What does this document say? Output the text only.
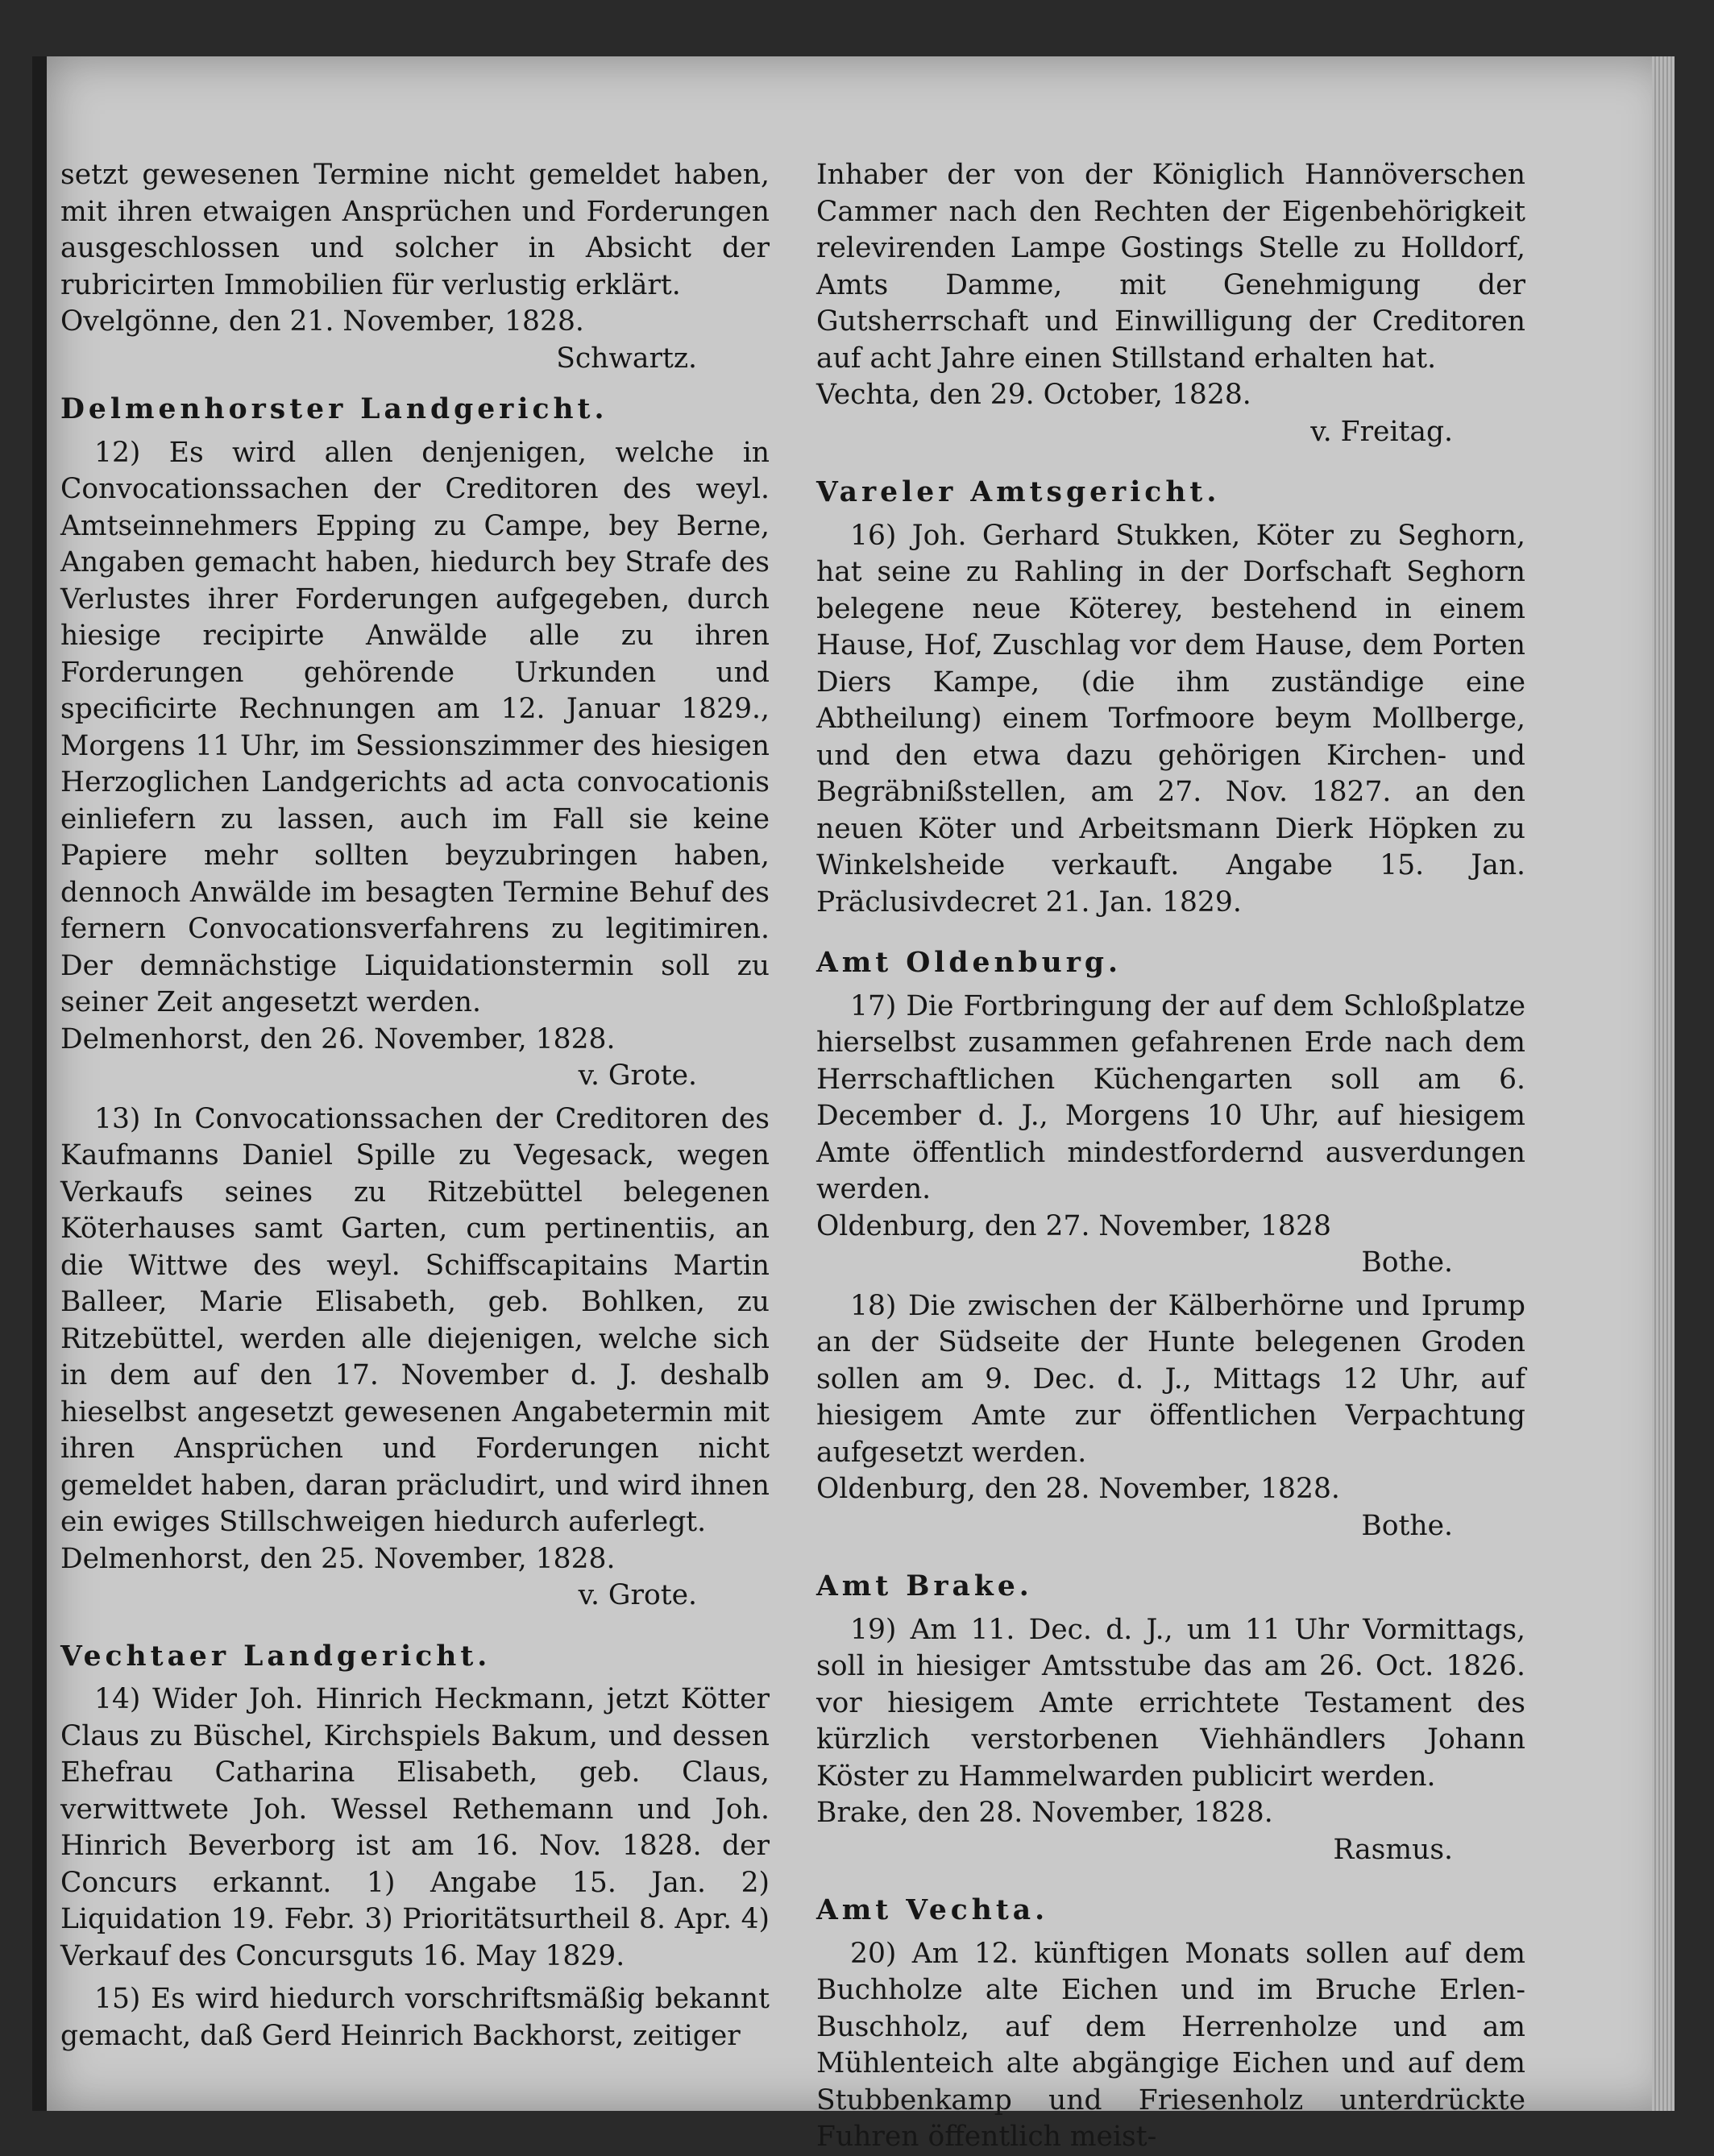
setzt gewesenen Termine nicht gemeldet haben, mit ihren etwaigen Ansprüchen und Forderungen ausgeschlossen und solcher in Absicht der rubricirten Immobilien für verlustig erklärt.

Ovelgönne, den 21. November, 1828.

Schwartz.

Delmenhorster Landgericht.

12) Es wird allen denjenigen, welche in Convocationssachen der Creditoren des weyl. Amtseinnehmers Epping zu Campe, bey Berne, Angaben gemacht haben, hiedurch bey Strafe des Verlustes ihrer Forderungen aufgegeben, durch hiesige recipirte Anwälde alle zu ihren Forderungen gehörende Urkunden und specificirte Rechnungen am 12. Januar 1829., Morgens 11 Uhr, im Sessionszimmer des hiesigen Herzoglichen Landgerichts ad acta convocationis einliefern zu lassen, auch im Fall sie keine Papiere mehr sollten beyzubringen haben, dennoch Anwälde im besagten Termine Behuf des fernern Convocationsverfahrens zu legitimiren. Der demnächstige Liquidationstermin soll zu seiner Zeit angesetzt werden.

Delmenhorst, den 26. November, 1828.

v. Grote.

13) In Convocationssachen der Creditoren des Kaufmanns Daniel Spille zu Vegesack, wegen Verkaufs seines zu Ritzebüttel belegenen Köterhauses samt Garten, cum pertinentiis, an die Wittwe des weyl. Schiffscapitains Martin Balleer, Marie Elisabeth, geb. Bohlken, zu Ritzebüttel, werden alle diejenigen, welche sich in dem auf den 17. November d. J. deshalb hieselbst angesetzt gewesenen Angabetermin mit ihren Ansprüchen und Forderungen nicht gemeldet haben, daran präcludirt, und wird ihnen ein ewiges Stillschweigen hiedurch auferlegt.

Delmenhorst, den 25. November, 1828.

v. Grote.

Vechtaer Landgericht.

14) Wider Joh. Hinrich Heckmann, jetzt Kötter Claus zu Büschel, Kirchspiels Bakum, und dessen Ehefrau Catharina Elisabeth, geb. Claus, verwittwete Joh. Wessel Rethemann und Joh. Hinrich Beverborg ist am 16. Nov. 1828. der Concurs erkannt. 1) Angabe 15. Jan. 2) Liquidation 19. Febr. 3) Prioritätsurtheil 8. Apr. 4) Verkauf des Concursguts 16. May 1829.

15) Es wird hiedurch vorschriftsmäßig bekannt gemacht, daß Gerd Heinrich Backhorst, zeitiger

Inhaber der von der Königlich Hannöverschen Cammer nach den Rechten der Eigenbehörigkeit relevirenden Lampe Gostings Stelle zu Holldorf, Amts Damme, mit Genehmigung der Gutsherrschaft und Einwilligung der Creditoren auf acht Jahre einen Stillstand erhalten hat.

Vechta, den 29. October, 1828.

v. Freitag.

Vareler Amtsgericht.

16) Joh. Gerhard Stukken, Köter zu Seghorn, hat seine zu Rahling in der Dorfschaft Seghorn belegene neue Köterey, bestehend in einem Hause, Hof, Zuschlag vor dem Hause, dem Porten Diers Kampe, (die ihm zuständige eine Abtheilung) einem Torfmoore beym Mollberge, und den etwa dazu gehörigen Kirchen- und Begräbnißstellen, am 27. Nov. 1827. an den neuen Köter und Arbeitsmann Dierk Höpken zu Winkelsheide verkauft. Angabe 15. Jan. Präclusivdecret 21. Jan. 1829.

Amt Oldenburg.

17) Die Fortbringung der auf dem Schloßplatze hierselbst zusammen gefahrenen Erde nach dem Herrschaftlichen Küchengarten soll am 6. December d. J., Morgens 10 Uhr, auf hiesigem Amte öffentlich mindestfordernd ausverdungen werden.

Oldenburg, den 27. November, 1828

Bothe.

18) Die zwischen der Kälberhörne und Iprump an der Südseite der Hunte belegenen Groden sollen am 9. Dec. d. J., Mittags 12 Uhr, auf hiesigem Amte zur öffentlichen Verpachtung aufgesetzt werden.

Oldenburg, den 28. November, 1828.

Bothe.

Amt Brake.

19) Am 11. Dec. d. J., um 11 Uhr Vormittags, soll in hiesiger Amtsstube das am 26. Oct. 1826. vor hiesigem Amte errichtete Testament des kürzlich verstorbenen Viehhändlers Johann Köster zu Hammelwarden publicirt werden.

Brake, den 28. November, 1828.

Rasmus.

Amt Vechta.

20) Am 12. künftigen Monats sollen auf dem Buchholze alte Eichen und im Bruche Erlen-Buschholz, auf dem Herrenholze und am Mühlenteich alte abgängige Eichen und auf dem Stubbenkamp und Friesenholz unterdrückte Fuhren öffentlich meist-
